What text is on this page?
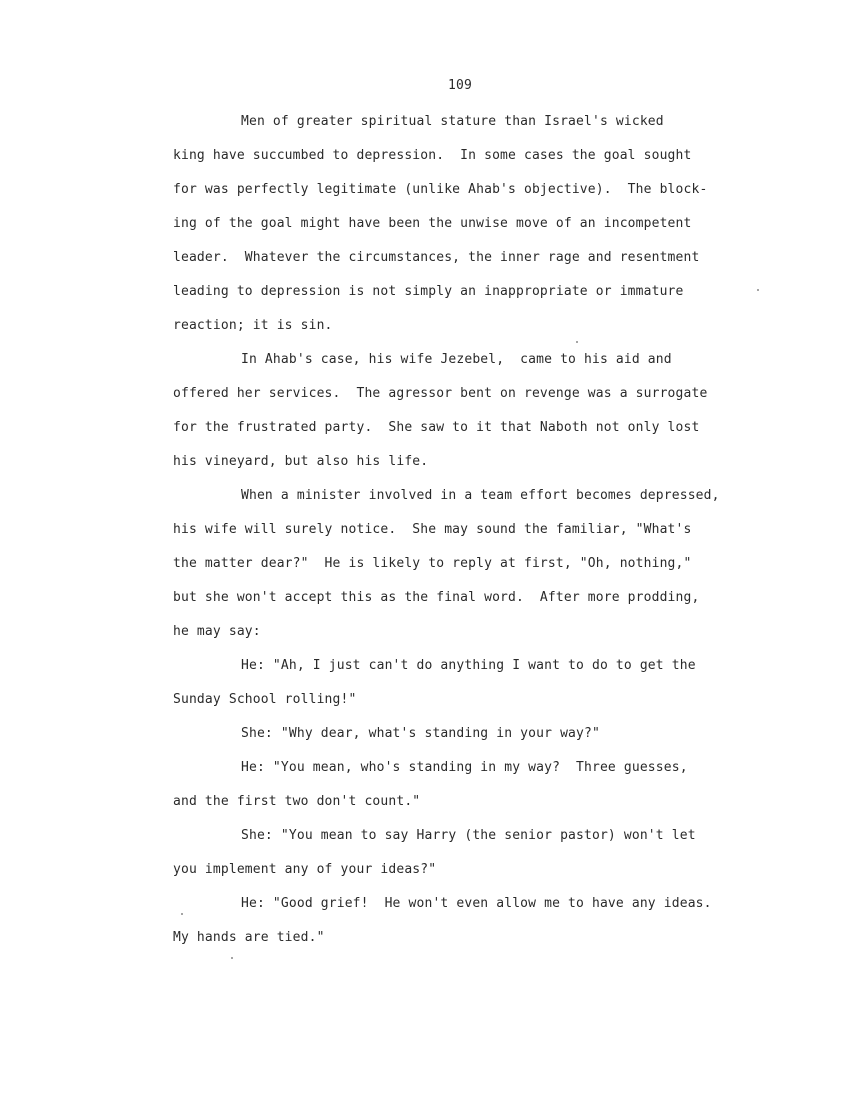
109
Men of greater spiritual stature than Israel's wicked
king have succumbed to depression.  In some cases the goal sought
for was perfectly legitimate (unlike Ahab's objective).  The block-
ing of the goal might have been the unwise move of an incompetent
leader.  Whatever the circumstances, the inner rage and resentment
leading to depression is not simply an inappropriate or immature
reaction; it is sin.
In Ahab's case, his wife Jezebel,  came to his aid and
offered her services.  The agressor bent on revenge was a surrogate
for the frustrated party.  She saw to it that Naboth not only lost
his vineyard, but also his life.
When a minister involved in a team effort becomes depressed,
his wife will surely notice.  She may sound the familiar, "What's
the matter dear?"  He is likely to reply at first, "Oh, nothing,"
but she won't accept this as the final word.  After more prodding,
he may say:
He: "Ah, I just can't do anything I want to do to get the
Sunday School rolling!"
She: "Why dear, what's standing in your way?"
He: "You mean, who's standing in my way?  Three guesses,
and the first two don't count."
She: "You mean to say Harry (the senior pastor) won't let
you implement any of your ideas?"
He: "Good grief!  He won't even allow me to have any ideas.
My hands are tied."
